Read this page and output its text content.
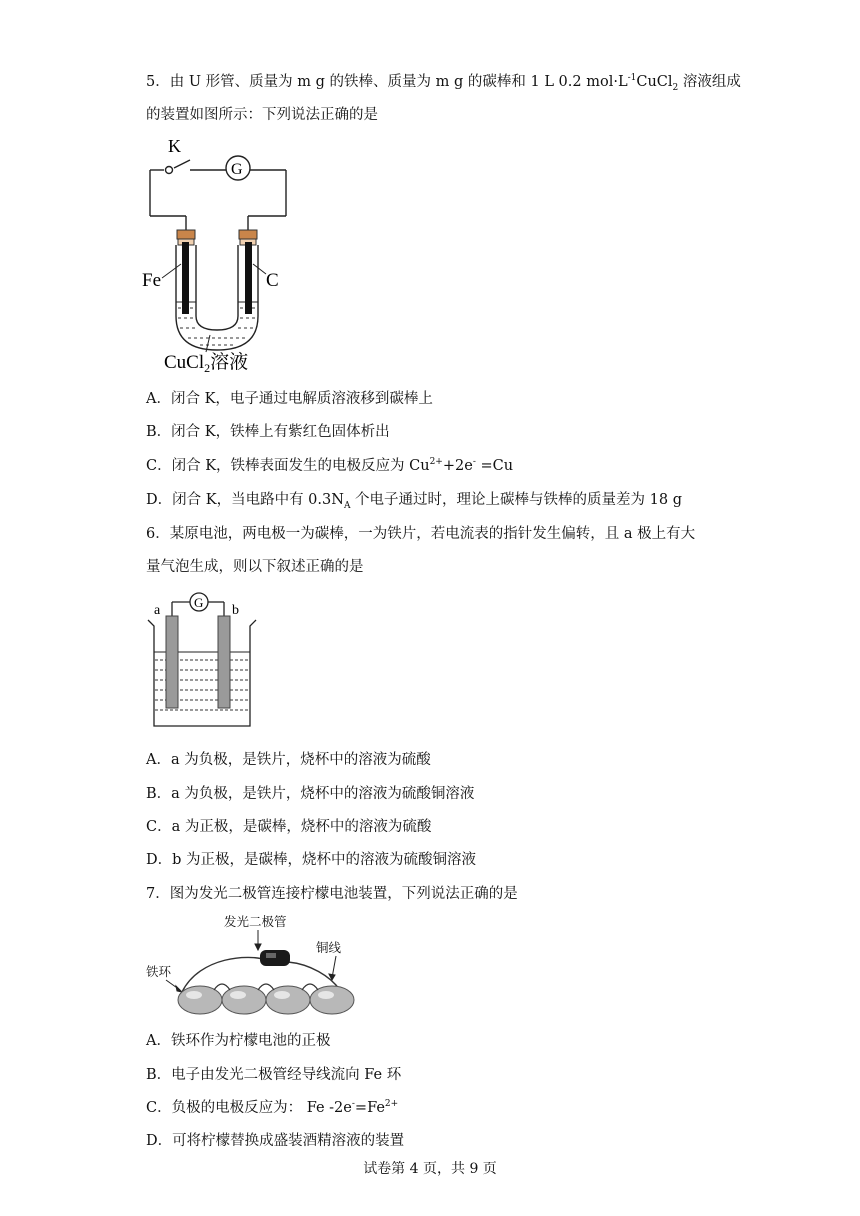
5．由 U 形管、质量为 m g 的铁棒、质量为 m g 的碳棒和 1 L 0.2 $mol\cdot L^{-1}CuCl_2$ 溶液组成
的装置如图所示：下列说法正确的是
K
G
Fe	C
CuCl$_2$溶液
A．闭合 K，电子通过电解质溶液移到碳棒上
B．闭合 K，铁棒上有紫红色固体析出
C．闭合 K，铁棒表面发生的电极反应为 $Cu^{2+}+2e^- =Cu$
D．闭合 K，当电路中有 $0.3N_A$ 个电子通过时，理论上碳棒与铁棒的质量差为 18 g
6．某原电池，两电极一为碳棒，一为铁片，若电流表的指针发生偏转，且 a 极上有大
量气泡生成，则以下叙述正确的是
a	b
G
A．a 为负极，是铁片，烧杯中的溶液为硫酸
B．a 为负极，是铁片，烧杯中的溶液为硫酸铜溶液
C．a 为正极，是碳棒，烧杯中的溶液为硫酸
D．b 为正极，是碳棒，烧杯中的溶液为硫酸铜溶液
7．图为发光二极管连接柠檬电池装置，下列说法正确的是
发光二极管
铜线
铁环
A．铁环作为柠檬电池的正极
B．电子由发光二极管经导线流向 Fe 环
C．负极的电极反应为： Fe $-2e^-=Fe^{2+}$
D．可将柠檬替换成盛装酒精溶液的装置
试卷第 4 页，共 9 页
